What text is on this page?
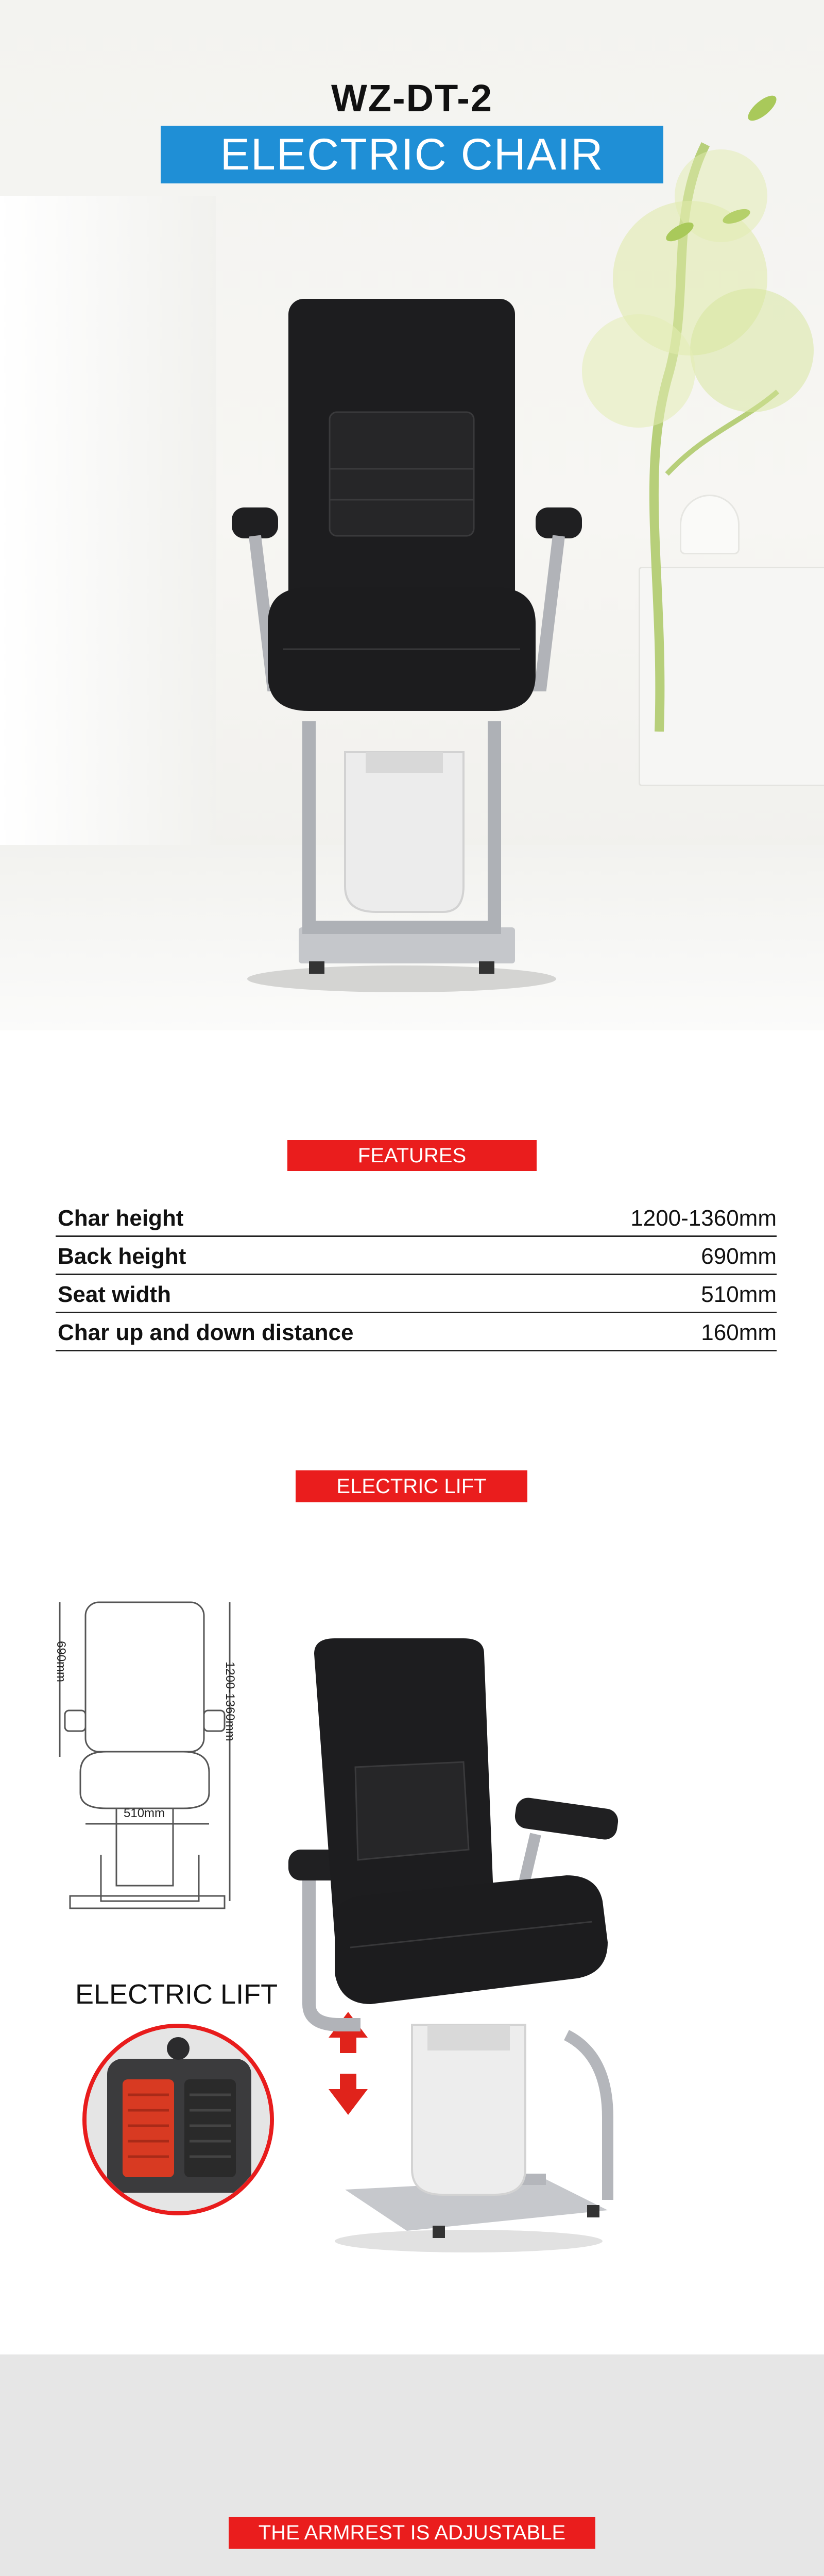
WZ-DT-2
ELECTRIC CHAIR
FEATURES
Char height	1200-1360mm
Back height	690mm
Seat width	510mm
Char up and down distance	160mm
ELECTRIC LIFT
690mm	1200-1360mm
510mm
ELECTRIC LIFT
THE ARMREST IS ADJUSTABLE
